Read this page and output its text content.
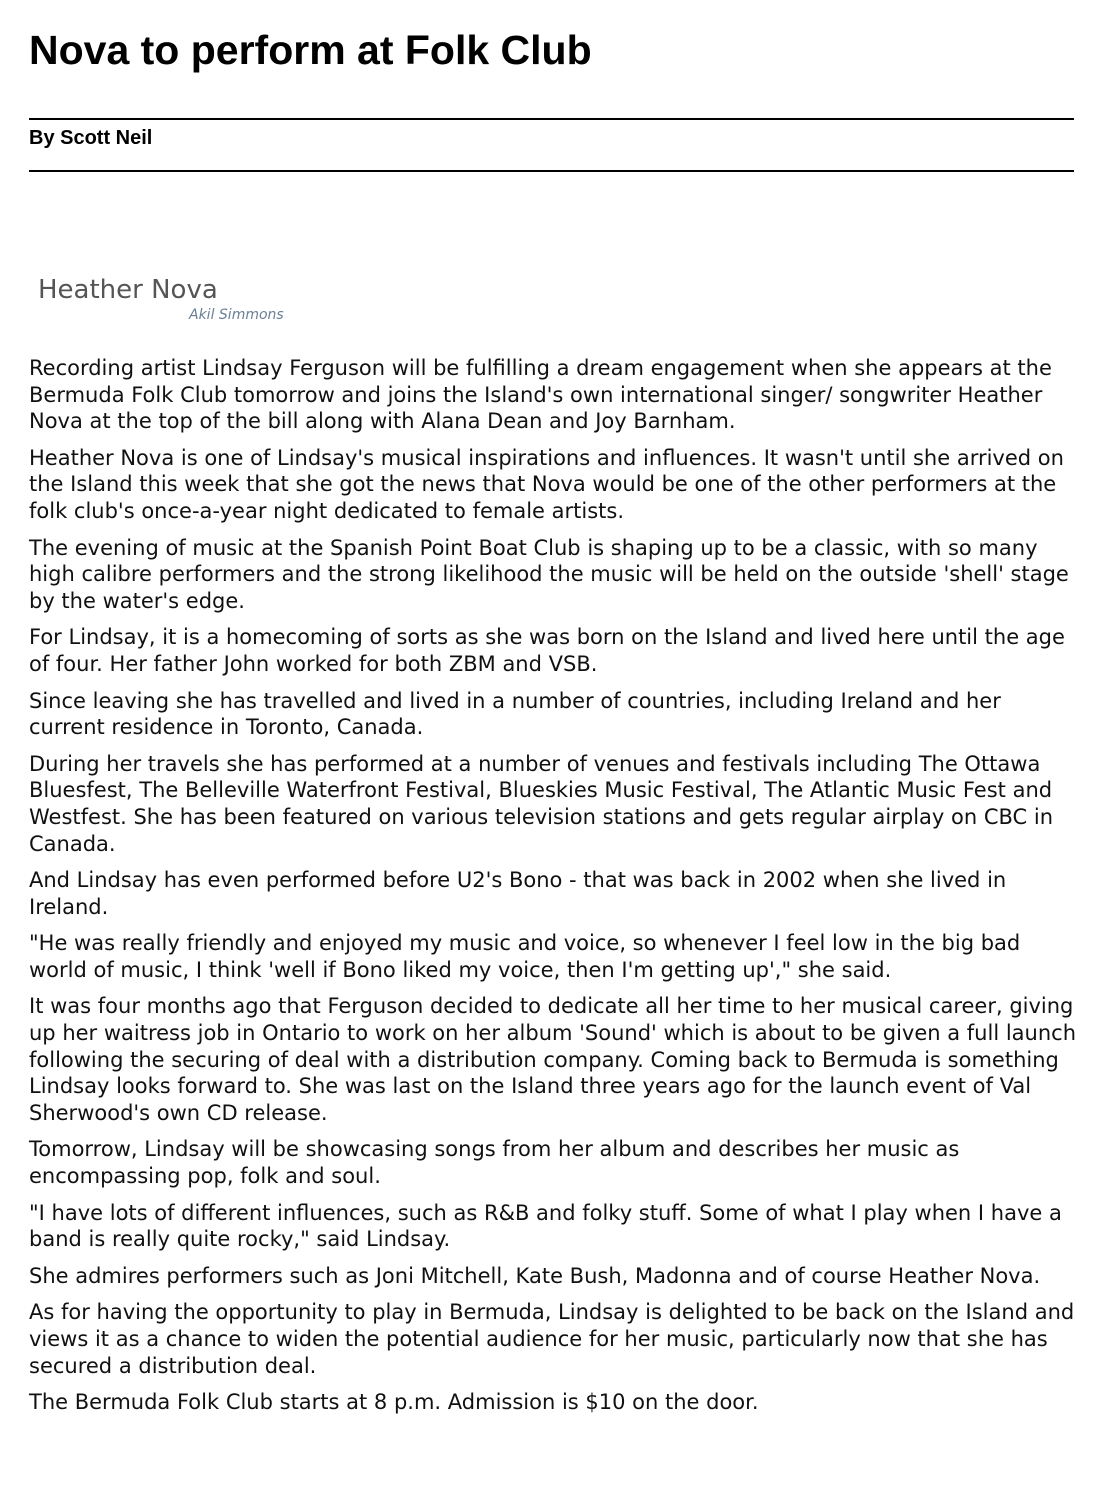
Nova to perform at Folk Club
By Scott Neil
Heather Nova
Akil Simmons

Recording artist Lindsay Ferguson will be fulfilling a dream engagement when she appears at the Bermuda Folk Club tomorrow and joins the Island's own international singer/ songwriter Heather Nova at the top of the bill along with Alana Dean and Joy Barnham.

Heather Nova is one of Lindsay's musical inspirations and influences. It wasn't until she arrived on the Island this week that she got the news that Nova would be one of the other performers at the folk club's once-a-year night dedicated to female artists.

The evening of music at the Spanish Point Boat Club is shaping up to be a classic, with so many high calibre performers and the strong likelihood the music will be held on the outside 'shell' stage by the water's edge.

For Lindsay, it is a homecoming of sorts as she was born on the Island and lived here until the age of four. Her father John worked for both ZBM and VSB.

Since leaving she has travelled and lived in a number of countries, including Ireland and her current residence in Toronto, Canada.

During her travels she has performed at a number of venues and festivals including The Ottawa Bluesfest, The Belleville Waterfront Festival, Blueskies Music Festival, The Atlantic Music Fest and Westfest. She has been featured on various television stations and gets regular airplay on CBC in Canada.

And Lindsay has even performed before U2's Bono - that was back in 2002 when she lived in Ireland.

"He was really friendly and enjoyed my music and voice, so whenever I feel low in the big bad world of music, I think 'well if Bono liked my voice, then I'm getting up'," she said.

It was four months ago that Ferguson decided to dedicate all her time to her musical career, giving up her waitress job in Ontario to work on her album 'Sound' which is about to be given a full launch following the securing of deal with a distribution company. Coming back to Bermuda is something Lindsay looks forward to. She was last on the Island three years ago for the launch event of Val Sherwood's own CD release.

Tomorrow, Lindsay will be showcasing songs from her album and describes her music as encompassing pop, folk and soul.

"I have lots of different influences, such as R&B and folky stuff. Some of what I play when I have a band is really quite rocky," said Lindsay.

She admires performers such as Joni Mitchell, Kate Bush, Madonna and of course Heather Nova.

As for having the opportunity to play in Bermuda, Lindsay is delighted to be back on the Island and views it as a chance to widen the potential audience for her music, particularly now that she has secured a distribution deal.

The Bermuda Folk Club starts at 8 p.m. Admission is $10 on the door.
